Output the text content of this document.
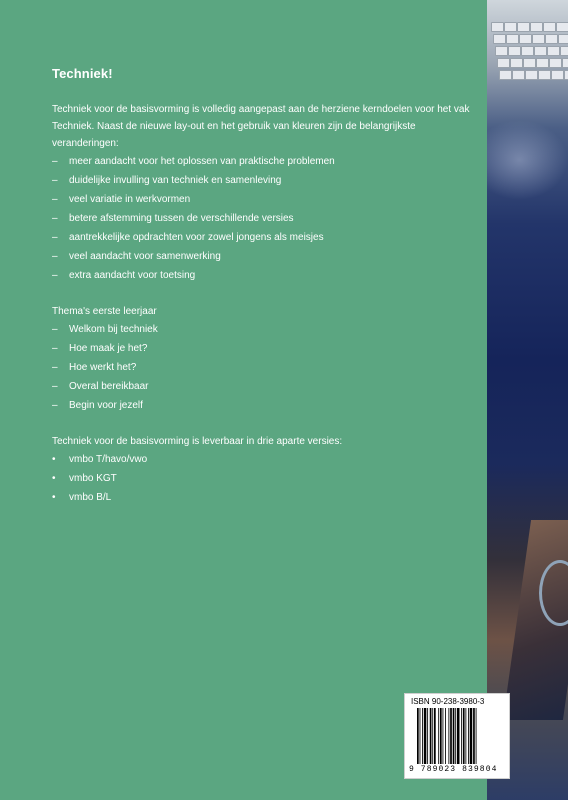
Techniek!

Techniek voor de basisvorming is volledig aangepast aan de herziene kerndoelen voor het vak Techniek. Naast de nieuwe lay-out en het gebruik van kleuren zijn de belangrijkste veranderingen:

– meer aandacht voor het oplossen van praktische problemen
– duidelijke invulling van techniek en samenleving
– veel variatie in werkvormen
– betere afstemming tussen de verschillende versies
– aantrekkelijke opdrachten voor zowel jongens als meisjes
– veel aandacht voor samenwerking
– extra aandacht voor toetsing

Thema's eerste leerjaar

– Welkom bij techniek
– Hoe maak je het?
– Hoe werkt het?
– Overal bereikbaar
– Begin voor jezelf

Techniek voor de basisvorming is leverbaar in drie aparte versies:

• vmbo T/havo/vwo
• vmbo KGT
• vmbo B/L
ISBN 90-238-3980-3
9 789023 839804
